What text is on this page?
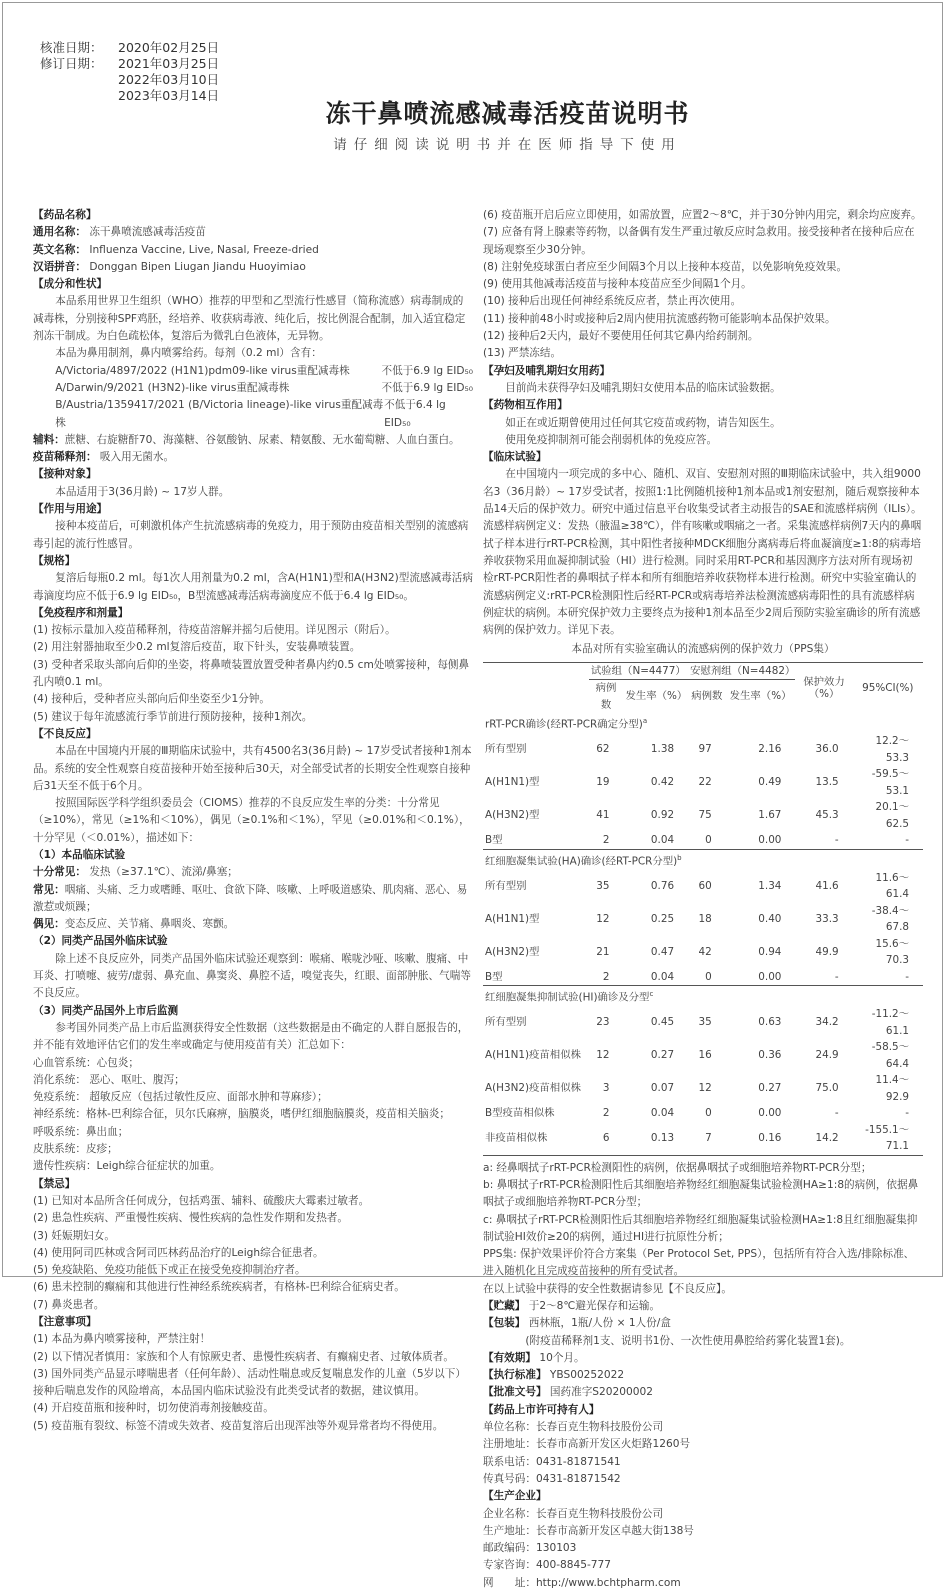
核准日期：	2020年02月25日
修订日期：	2021年03月25日
2022年03月10日
2023年03月14日
冻干鼻喷流感减毒活疫苗说明书
请仔细阅读说明书并在医师指导下使用
【药品名称】
通用名称： 冻干鼻喷流感减毒活疫苗
英文名称： Influenza Vaccine, Live, Nasal, Freeze-dried
汉语拼音： Donggan Bipen Liugan Jiandu Huoyimiao
【成分和性状】
本品系用世界卫生组织（WHO）推荐的甲型和乙型流行性感冒（简称流感）病毒制成的减毒株，分别接种SPF鸡胚，经培养、收获病毒液、纯化后，按比例混合配制，加入适宜稳定剂冻干制成。为白色疏松体，复溶后为微乳白色液体，无异物。
本品为鼻用制剂，鼻内喷雾给药。每剂（0.2 ml）含有：
A/Victoria/4897/2022 (H1N1)pdm09-like virus重配减毒株	不低于6.9 lg EID₅₀
A/Darwin/9/2021 (H3N2)-like virus重配减毒株	不低于6.9 lg EID₅₀
B/Austria/1359417/2021 (B/Victoria lineage)-like virus重配减毒株
不低于6.4 lg EID₅₀
辅料：蔗糖、右旋糖酐70、海藻糖、谷氨酸钠、尿素、精氨酸、无水葡萄糖、人血白蛋白。
疫苗稀释剂： 吸入用无菌水。
【接种对象】
本品适用于3(36月龄) ~ 17岁人群。
【作用与用途】
接种本疫苗后，可刺激机体产生抗流感病毒的免疫力，用于预防由疫苗相关型别的流感病毒引起的流行性感冒。
【规格】
复溶后每瓶0.2 ml。每1次人用剂量为0.2 ml，含A(H1N1)型和A(H3N2)型流感减毒活病毒滴度均应不低于6.9 lg EID₅₀，B型流感减毒活病毒滴度应不低于6.4 lg EID₅₀。
【免疫程序和剂量】
(1) 按标示量加入疫苗稀释剂，待疫苗溶解并摇匀后使用。详见图示（附后）。
(2) 用注射器抽取至少0.2 ml复溶后疫苗，取下针头，安装鼻喷装置。
(3) 受种者采取头部向后仰的坐姿，将鼻喷装置放置受种者鼻内约0.5 cm处喷雾接种，每侧鼻孔内喷0.1 ml。
(4) 接种后，受种者应头部向后仰坐姿至少1分钟。
(5) 建议于每年流感流行季节前进行预防接种，接种1剂次。
【不良反应】
本品在中国境内开展的Ⅲ期临床试验中，共有4500名3(36月龄) ~ 17岁受试者接种1剂本品。系统的安全性观察自疫苗接种开始至接种后30天，对全部受试者的长期安全性观察自接种后31天至不低于6个月。
按照国际医学科学组织委员会（CIOMS）推荐的不良反应发生率的分类：十分常见（≥10%），常见（≥1%和＜10%），偶见（≥0.1%和＜1%），罕见（≥0.01%和＜0.1%），十分罕见（＜0.01%），描述如下：
（1）本品临床试验
十分常见： 发热（≥37.1℃）、流涕/鼻塞；
常见：咽痛、头痛、乏力或嗜睡、呕吐、食欲下降、咳嗽、上呼吸道感染、肌肉痛、恶心、易激惹或烦躁；
偶见：变态反应、关节痛、鼻咽炎、寒颤。
（2）同类产品国外临床试验
除上述不良反应外，同类产品国外临床试验还观察到：喉痛、喉咙沙哑、咳嗽、腹痛、中耳炎、打喷嚏、疲劳/虚弱、鼻充血、鼻窦炎、鼻腔不适，嗅觉丧失，红眼、面部肿胀、气喘等不良反应。
（3）同类产品国外上市后监测
参考国外同类产品上市后监测获得安全性数据（这些数据是由不确定的人群自愿报告的，并不能有效地评估它们的发生率或确定与使用疫苗有关）汇总如下：
心血管系统：心包炎；
消化系统： 恶心、呕吐、腹泻；
免疫系统： 超敏反应（包括过敏性反应、面部水肿和荨麻疹）；
神经系统：格林-巴利综合征，贝尔氏麻痹，脑膜炎，嗜伊红细胞脑膜炎，疫苗相关脑炎；
呼吸系统：鼻出血；
皮肤系统：皮疹；
遗传性疾病：Leigh综合征症状的加重。
【禁忌】
(1) 已知对本品所含任何成分，包括鸡蛋、辅料、硫酸庆大霉素过敏者。
(2) 患急性疾病、严重慢性疾病、慢性疾病的急性发作期和发热者。
(3) 妊娠期妇女。
(4) 使用阿司匹林或含阿司匹林药品治疗的Leigh综合征患者。
(5) 免疫缺陷、免疫功能低下或正在接受免疫抑制治疗者。
(6) 患未控制的癫痫和其他进行性神经系统疾病者，有格林-巴利综合征病史者。
(7) 鼻炎患者。
【注意事项】
(1) 本品为鼻内喷雾接种，严禁注射！
(2) 以下情况者慎用：家族和个人有惊厥史者、患慢性疾病者、有癫痫史者、过敏体质者。
(3) 国外同类产品显示哮喘患者（任何年龄）、活动性喘息或反复喘息发作的儿童（5岁以下）接种后喘息发作的风险增高，本品国内临床试验没有此类受试者的数据，建议慎用。
(4) 开启疫苗瓶和接种时，切勿使消毒剂接触疫苗。
(5) 疫苗瓶有裂纹、标签不清或失效者、疫苗复溶后出现浑浊等外观异常者均不得使用。
(6) 疫苗瓶开启后应立即使用，如需放置，应置2～8℃，并于30分钟内用完，剩余均应废弃。
(7) 应备有肾上腺素等药物，以备偶有发生严重过敏反应时急救用。接受接种者在接种后应在现场观察至少30分钟。
(8) 注射免疫球蛋白者应至少间隔3个月以上接种本疫苗，以免影响免疫效果。
(9) 使用其他减毒活疫苗与接种本疫苗应至少间隔1个月。
(10) 接种后出现任何神经系统反应者，禁止再次使用。
(11) 接种前48小时或接种后2周内使用抗流感药物可能影响本品保护效果。
(12) 接种后2天内，最好不要使用任何其它鼻内给药制剂。
(13) 严禁冻结。
【孕妇及哺乳期妇女用药】
目前尚未获得孕妇及哺乳期妇女使用本品的临床试验数据。
【药物相互作用】
如正在或近期曾使用过任何其它疫苗或药物，请告知医生。
使用免疫抑制剂可能会削弱机体的免疫应答。
【临床试验】
在中国境内一项完成的多中心、随机、双盲、安慰剂对照的Ⅲ期临床试验中，共入组9000名3（36月龄）~ 17岁受试者，按照1:1比例随机接种1剂本品或1剂安慰剂，随后观察接种本品14天后的保护效力。研究中通过信息平台收集受试者主动报告的SAE和流感样病例（ILIs）。流感样病例定义：发热（腋温≥38℃），伴有咳嗽或咽痛之一者。采集流感样病例7天内的鼻咽拭子样本进行rRT-PCR检测，其中阳性者接种MDCK细胞分离病毒后将血凝滴度≥1:8的病毒培养收获物采用血凝抑制试验（HI）进行检测。同时采用RT-PCR和基因测序方法对所有现场初检rRT-PCR阳性者的鼻咽拭子样本和所有细胞培养收获物样本进行检测。研究中实验室确认的流感病例定义:rRT-PCR检测阳性后经RT-PCR或病毒培养法检测流感病毒阳性的具有流感样病例症状的病例。本研究保护效力主要终点为接种1剂本品至少2周后预防实验室确诊的所有流感病例的保护效力。详见下表。
本品对所有实验室确认的流感病例的保护效力（PPS集）
	试验组（N=4477）		安慰剂组（N=4482）		保护效力（%）	95%CI(%)
	病例数	发生率（%）	病例数	发生率（%）		
rRT-PCR确诊(经RT-PCR确定分型)$^a$
所有型别	62	1.38	97	2.16	36.0	12.2～53.3
A(H1N1)型	19	0.42	22	0.49	13.5	-59.5～53.1
A(H3N2)型	41	0.92	75	1.67	45.3	20.1～62.5
B型	2	0.04	0	0.00	-	-
红细胞凝集试验(HA)确诊(经RT-PCR分型)$^b$
所有型别	35	0.76	60	1.34	41.6	11.6～61.4
A(H1N1)型	12	0.25	18	0.40	33.3	-38.4～67.8
A(H3N2)型	21	0.47	42	0.94	49.9	15.6～70.3
B型	2	0.04	0	0.00	-	-
红细胞凝集抑制试验(HI)确诊及分型$^c$
所有型别	23	0.45	35	0.63	34.2	-11.2～61.1
A(H1N1)疫苗相似株	12	0.27	16	0.36	24.9	-58.5～64.4
A(H3N2)疫苗相似株	3	0.07	12	0.27	75.0	11.4～92.9
B型疫苗相似株	2	0.04	0	0.00	-	-
非疫苗相似株	6	0.13	7	0.16	14.2	-155.1～71.1
a: 经鼻咽拭子rRT-PCR检测阳性的病例，依据鼻咽拭子或细胞培养物RT-PCR分型；
b: 鼻咽拭子rRT-PCR检测阳性后其细胞培养物经红细胞凝集试验检测HA≥1:8的病例，依据鼻咽拭子或细胞培养物RT-PCR分型；
c: 鼻咽拭子rRT-PCR检测阳性后其细胞培养物经红细胞凝集试验检测HA≥1:8且红细胞凝集抑制试验HI效价≥20的病例，通过HI进行抗原性分析；
PPS集: 保护效果评价符合方案集（Per Protocol Set, PPS），包括所有符合入选/排除标准、进入随机化且完成疫苗接种的所有受试者。
在以上试验中获得的安全性数据请参见【不良反应】。
【贮藏】 于2～8℃避光保存和运输。
【包装】 西林瓶，1瓶/人份 × 1人份/盒
(附疫苗稀释剂1支、说明书1份、一次性使用鼻腔给药雾化装置1套)。
【有效期】 10个月。
【执行标准】 YBS00252022
【批准文号】 国药准字S20200002
【药品上市许可持有人】
单位名称：长春百克生物科技股份公司
注册地址：长春市高新开发区火炬路1260号
联系电话：0431-81871541
传真号码：0431-81871542
【生产企业】
企业名称：长春百克生物科技股份公司
生产地址：长春市高新开发区卓越大街138号
邮政编码：130103
专家咨询：400-8845-777
网　　址：http://www.bchtpharm.com
